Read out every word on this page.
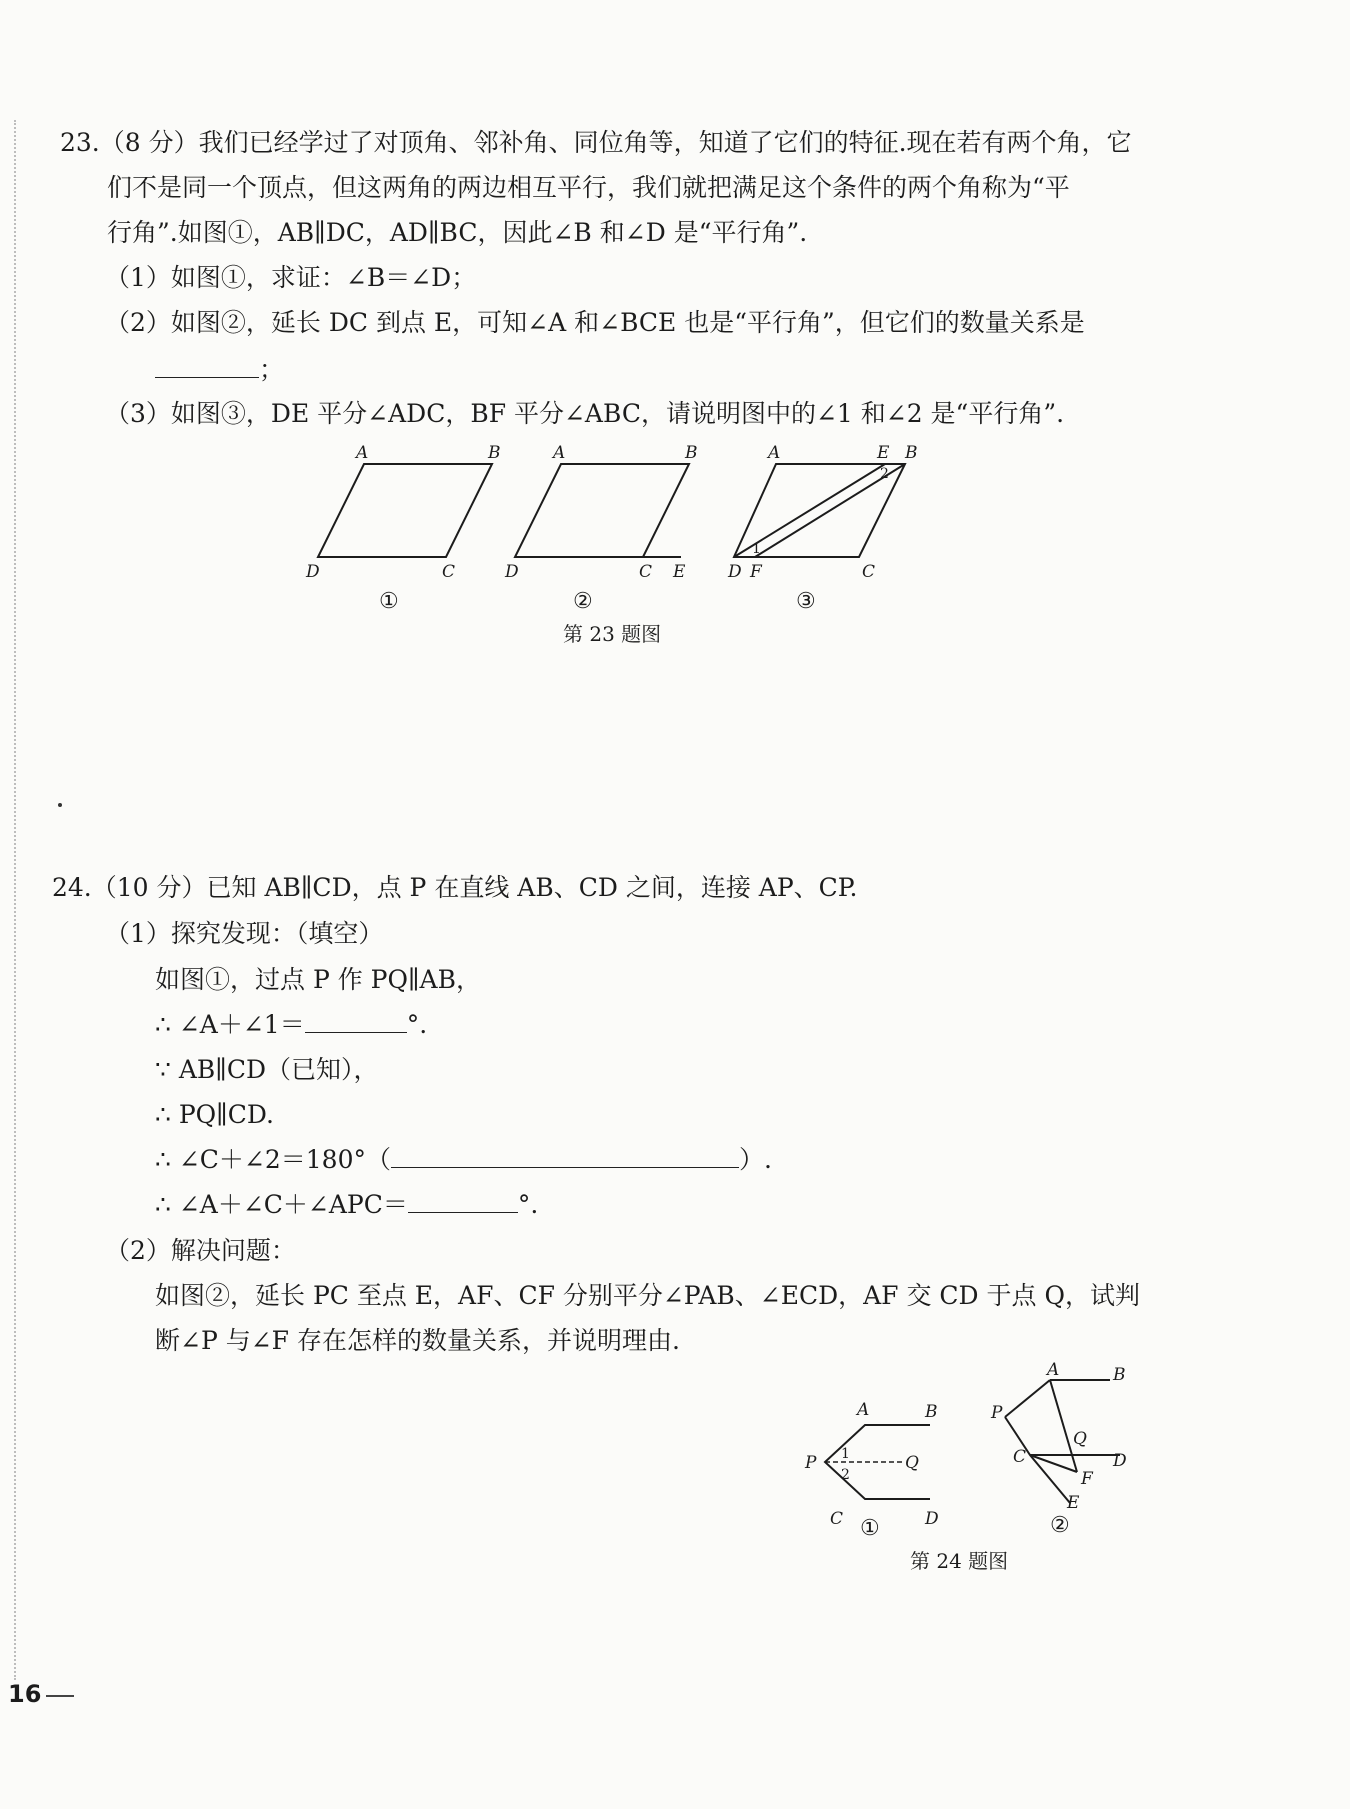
23.（8 分）我们已经学过了对顶角、邻补角、同位角等，知道了它们的特征.现在若有两个角，它
们不是同一个顶点，但这两角的两边相互平行，我们就把满足这个条件的两个角称为“平
行角”.如图①，AB∥DC，AD∥BC，因此∠B 和∠D 是“平行角”.
（1）如图①，求证：∠B＝∠D；
（2）如图②，延长 DC 到点 E，可知∠A 和∠BCE 也是“平行角”，但它们的数量关系是
；
（3）如图③，DE 平分∠ADC，BF 平分∠ABC，请说明图中的∠1 和∠2 是“平行角”.
A	B
C
D
①
A	B
C E
D
②
A	E B
C
D F
1
2
③
第 23 题图
24.（10 分）已知 AB∥CD，点 P 在直线 AB、CD 之间，连接 AP、CP.
（1）探究发现：（填空）
如图①，过点 P 作 PQ∥AB，
∴ ∠A＋∠1＝	°.
∵ AB∥CD（已知），
∴ PQ∥CD.
∴ ∠C＋∠2＝180°（	）.
∴ ∠A＋∠C＋∠APC＝	°.
（2）解决问题：
如图②，延长 PC 至点 E，AF、CF 分别平分∠PAB、∠ECD，AF 交 CD 于点 Q，试判
断∠P 与∠F 存在怎样的数量关系，并说明理由.
A	B
P	Q
C	D
1
2
①
A	B
P
Q
C	D
F
E
②
第 24 题图
16
